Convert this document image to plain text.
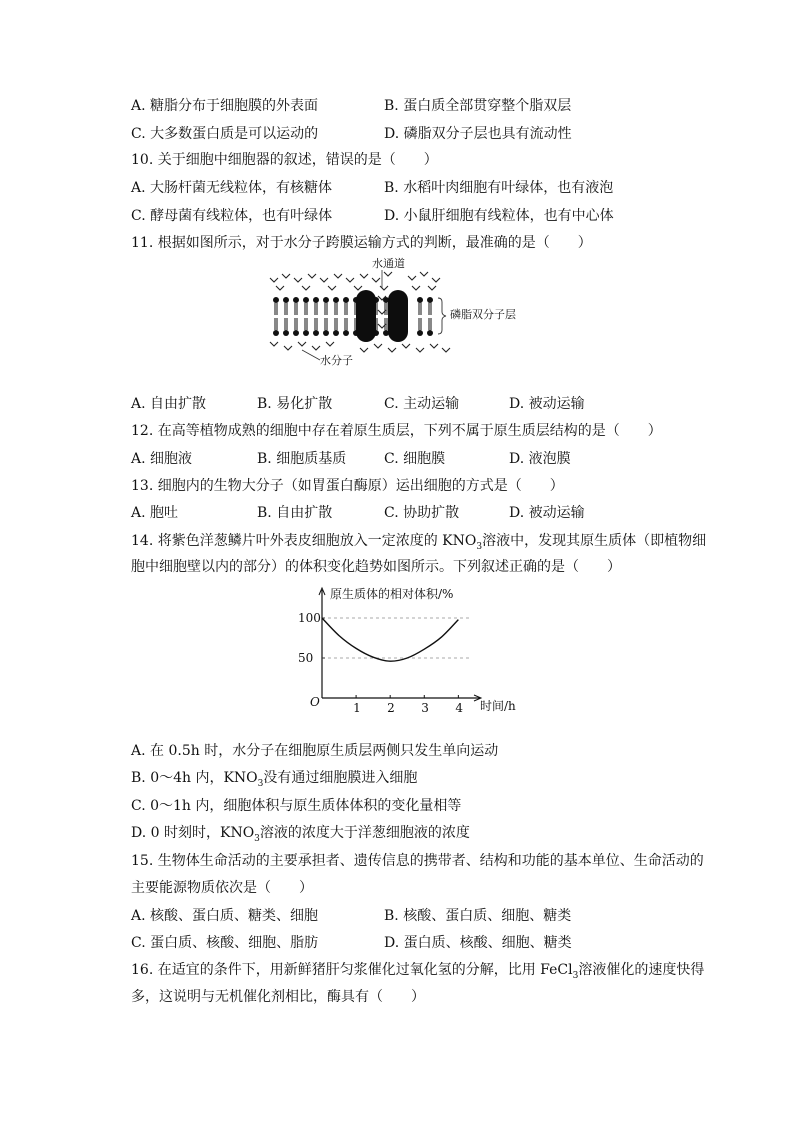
A. 糖脂分布于细胞膜的外表面	B. 蛋白质全部贯穿整个脂双层
C. 大多数蛋白质是可以运动的	D. 磷脂双分子层也具有流动性
10. 关于细胞中细胞器的叙述，错误的是（　　）
A. 大肠杆菌无线粒体，有核糖体	B. 水稻叶肉细胞有叶绿体，也有液泡
C. 酵母菌有线粒体，也有叶绿体	D. 小鼠肝细胞有线粒体，也有中心体
11. 根据如图所示，对于水分子跨膜运输方式的判断，最准确的是（　　）
水通道
磷脂双分子层
水分子
A. 自由扩散	B. 易化扩散	C. 主动运输	D. 被动运输
12. 在高等植物成熟的细胞中存在着原生质层，下列不属于原生质层结构的是（　　）
A. 细胞液	B. 细胞质基质	C. 细胞膜	D. 液泡膜
13. 细胞内的生物大分子（如胃蛋白酶原）运出细胞的方式是（　　）
A. 胞吐	B. 自由扩散	C. 协助扩散	D. 被动运输
14. 将紫色洋葱鳞片叶外表皮细胞放入一定浓度的 $KNO_3$溶液中，发现其原生质体（即植物细
胞中细胞壁以内的部分）的体积变化趋势如图所示。下列叙述正确的是（　　）
原生质体的相对体积/%
时间/h
O	1 2 3 4
50
100
A. 在 0.5h 时，水分子在细胞原生质层两侧只发生单向运动
B. 0～4h 内，$KNO_3$没有通过细胞膜进入细胞
C. 0～1h 内，细胞体积与原生质体体积的变化量相等
D. 0 时刻时，$KNO_3$溶液的浓度大于洋葱细胞液的浓度
15. 生物体生命活动的主要承担者、遗传信息的携带者、结构和功能的基本单位、生命活动的
主要能源物质依次是（　　）
A. 核酸、蛋白质、糖类、细胞	B. 核酸、蛋白质、细胞、糖类
C. 蛋白质、核酸、细胞、脂肪	D. 蛋白质、核酸、细胞、糖类
16. 在适宜的条件下，用新鲜猪肝匀浆催化过氧化氢的分解，比用 FeCl$_3$溶液催化的速度快得
多，这说明与无机催化剂相比，酶具有（　　）
